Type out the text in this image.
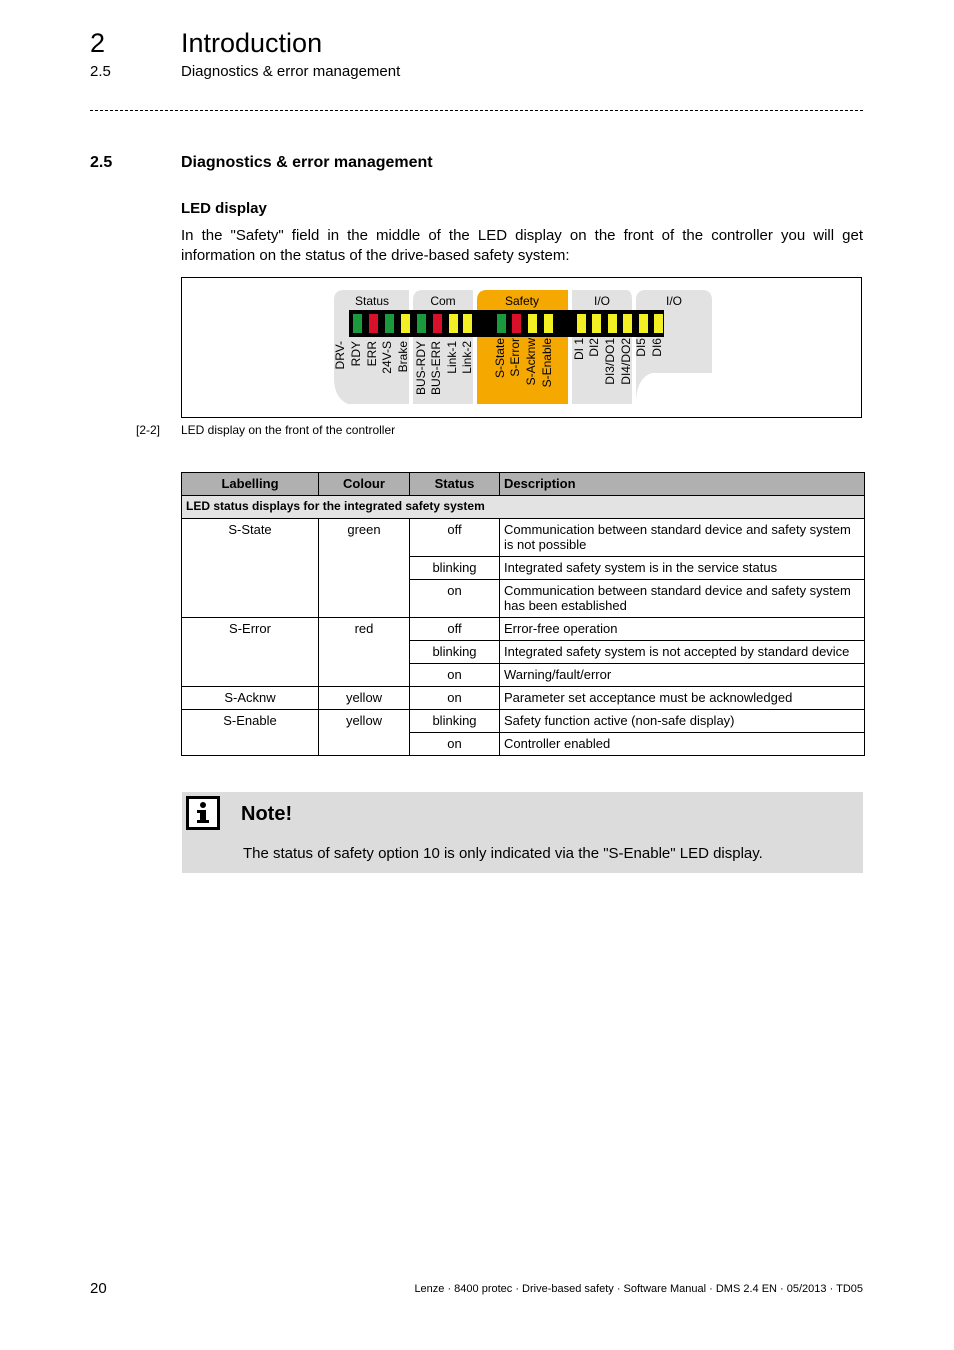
2	Introduction
2.5	Diagnostics & error management
2.5	Diagnostics & error management
LED display
In the "Safety" field in the middle of the LED display on the front of the controller you will get information on the status of the drive-based safety system:
Status	Com	Safety	I/O	I/O
DRV- RDY ERR 24V-S Brake BUS-RDY BUS-ERR Link-1 Link-2 S-State S-Error S-Acknw S-Enable DI 1 DI2 DI3/DO1 DI4/DO2 DI5 DI6
[2-2] LED display on the front of the controller
Labelling	Colour	Status	Description
LED status displays for the integrated safety system			
S-State	green	off	Communication between standard device and safety system is not possible
		blinking	Integrated safety system is in the service status
		on	Communication between standard device and safety system has been established
S-Error	red	off	Error-free operation
		blinking	Integrated safety system is not accepted by standard device
		on	Warning/fault/error
S-Acknw	yellow	on	Parameter set acceptance must be acknowledged
S-Enable	yellow	blinking	Safety function active (non-safe display)
		on	Controller enabled
Note!
The status of safety option 10 is only indicated via the "S-Enable" LED display.
20	Lenze · 8400 protec · Drive-based safety · Software Manual · DMS 2.4 EN · 05/2013 · TD05
